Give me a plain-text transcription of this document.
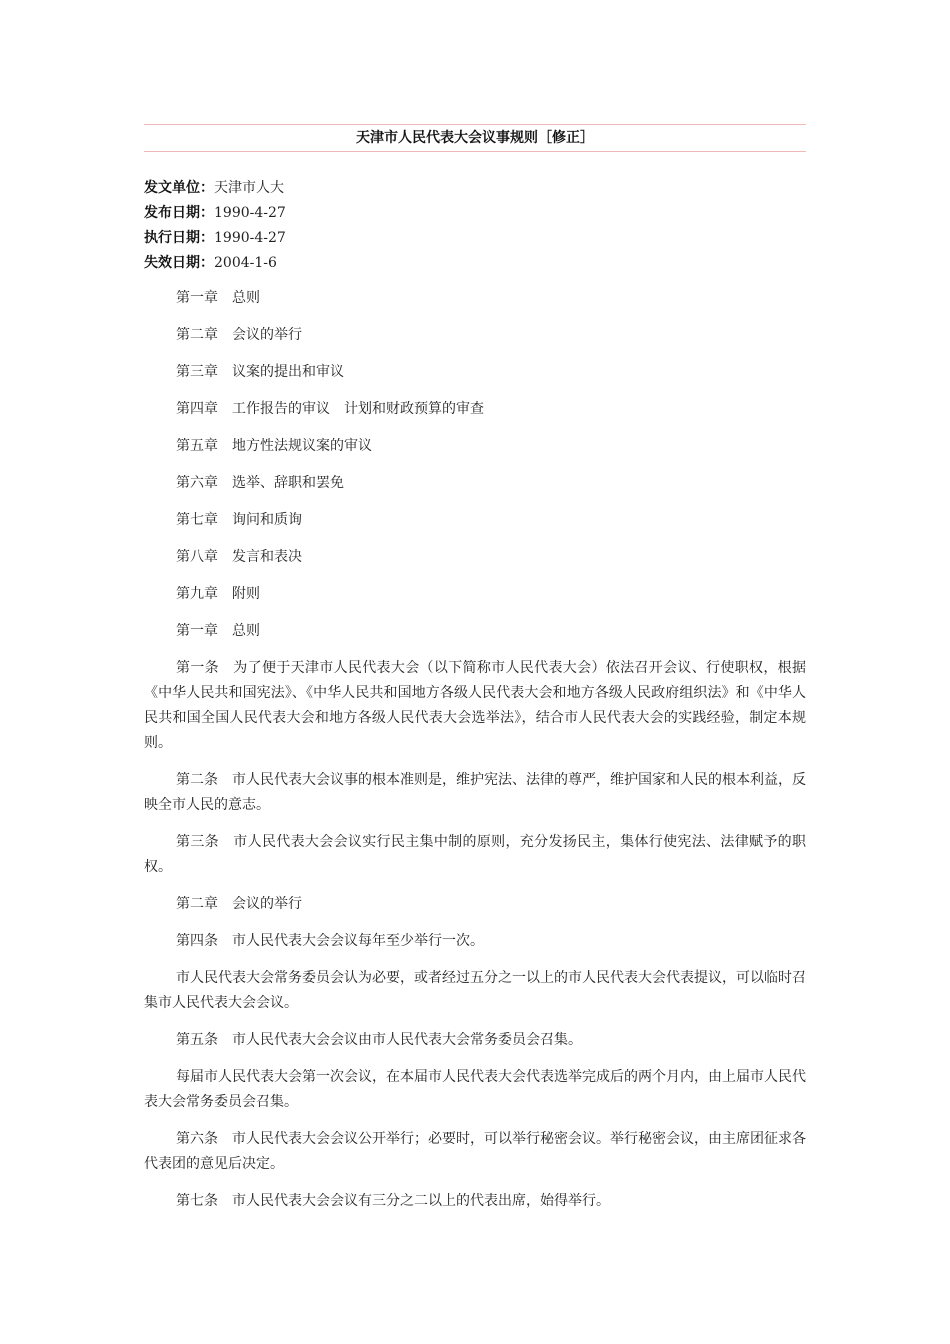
天津市人民代表大会议事规则［修正］
发文单位：天津市人大
发布日期：1990-4-27
执行日期：1990-4-27
失效日期：2004-1-6

第一章　总则

第二章　会议的举行

第三章　议案的提出和审议

第四章　工作报告的审议　计划和财政预算的审查

第五章　地方性法规议案的审议

第六章　选举、辞职和罢免

第七章　询问和质询

第八章　发言和表决

第九章　附则

第一章　总则

第一条　为了便于天津市人民代表大会（以下简称市人民代表大会）依法召开会议、行使职权，根据《中华人民共和国宪法》、《中华人民共和国地方各级人民代表大会和地方各级人民政府组织法》和《中华人民共和国全国人民代表大会和地方各级人民代表大会选举法》，结合市人民代表大会的实践经验，制定本规则。

第二条　市人民代表大会议事的根本准则是，维护宪法、法律的尊严，维护国家和人民的根本利益，反映全市人民的意志。

第三条　市人民代表大会会议实行民主集中制的原则，充分发扬民主，集体行使宪法、法律赋予的职权。

第二章　会议的举行

第四条　市人民代表大会会议每年至少举行一次。

市人民代表大会常务委员会认为必要，或者经过五分之一以上的市人民代表大会代表提议，可以临时召集市人民代表大会会议。

第五条　市人民代表大会会议由市人民代表大会常务委员会召集。

每届市人民代表大会第一次会议，在本届市人民代表大会代表选举完成后的两个月内，由上届市人民代表大会常务委员会召集。

第六条　市人民代表大会会议公开举行；必要时，可以举行秘密会议。举行秘密会议，由主席团征求各代表团的意见后决定。

第七条　市人民代表大会会议有三分之二以上的代表出席，始得举行。
